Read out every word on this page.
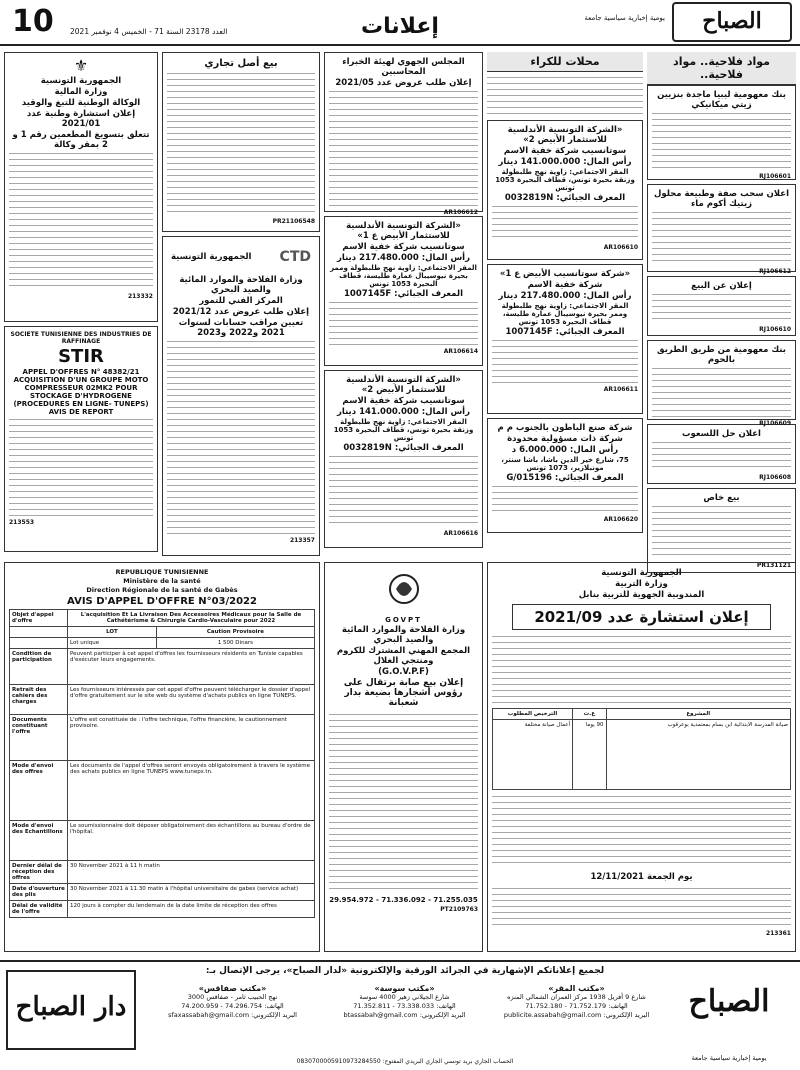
10 العدد 23178 السنة 71 - الخميس 4 نوفمبر 2021	إعلانات	يومية إخبارية سياسية جامعة	الصباح
مواد فلاحية.. مواد فلاحية..
بنك معهومية ليبيا ماجدة بنزيين زيتي ميكانيكي
RJ106601
اعلان سحب صفة وطبيعة محلول زيتيك أكوم ماء
RJ106612
إعلان عن البيع
RJ106610
بنك معهومية من طريق الطريق بالحوم
RJ106609
اعلان حل اللسعوب
RJ106608
بيع خاص
PR131121
محلات للكراء
«الشركة التونسية الأندلسية للاستثمار الأبيض 2»
سوتانسيب شركة خفية الاسم
رأس المال: 141.000.000 دينار
المقر الاجتماعي: زاوية نهج طلبطولة وزنقة بحيرة تونس، قطاف البحيرة 1053 تونس
المعرف الجبائي: 0032819N
AR106610
«شركة سوتانسيب الأبيض ع 1»
شركة خفية الاسم
رأس المال: 217.480.000 دينار
المقر الاجتماعي: زاوية نهج طلبطولة وممر بحيرة نيوسيبال عمارة طليسة، قطاف البحيرة 1053 تونس
المعرف الجبائي: 1007145F
AR106611
شركة صنع الباطون بالجنوب م م
شركة ذات مسؤولية محدودة
رأس المال: 6.000.000 د
75، شارع خير الدين باشا، باشا سنتر، مونبلازير، 1073 تونس
المعرف الجبائي: 015196/G
AR106620
المجلس الجهوي لهيئة الخبراء المحاسبين
إعلان طلب عروض عدد 2021/05
AR106612
«الشركة التونسية الأندلسية للاستثمار الأبيض ع 1»
سوتانسيب شركة خفية الاسم
رأس المال: 217.480.000 دينار
المقر الاجتماعي: زاوية نهج طلبطولة وممر بحيرة نيوسيبال عمارة طليسة، قطاف البحيرة 1053 تونس
المعرف الجبائي: 1007145F
AR106614
«الشركة التونسية الأندلسية للاستثمار الأبيض 2»
سوتانسيب شركة خفية الاسم
رأس المال: 141.000.000 دينار
المقر الاجتماعي: زاوية نهج طلبطولة وزنقة بحيرة تونس، قطاف البحيرة 1053 تونس
المعرف الجبائي: 0032819N
AR106616
بيع أصل تجاري
PR21106548
CTD
الجمهورية التونسية
وزارة الفلاحة والموارد المائية والصيد البحري
المركز الفني للتمور
إعلان طلب عروض عدد 2021/12
تعيين مراقب حسابات لسنوات 2021 و2022 و2023
213357
⚜
الجمهورية التونسية
وزارة المالية
الوكالة الوطنية للتبغ والوقيد
إعلان استشارة وطنية عدد 2021/01
تتعلق بتسويغ المطعمين رقم 1 و 2 بمقر وكالة
213332
SOCIETE TUNISIENNE DES INDUSTRIES DE RAFFINAGE
STIR
APPEL D'OFFRES N° 48382/21 ACQUISITION D'UN GROUPE MOTO COMPRESSEUR 02MK2 POUR STOCKAGE D'HYDROGENE (PROCEDURES EN LIGNE- TUNEPS) AVIS DE REPORT
213553
الجمهورية التونسية
وزارة التربية
المندوبية الجهوية للتربية بنابل
إعلان استشارة عدد 2021/09
المشروع	ع.ت	الترخيص المطلوب
صيانة المدرسة الابتدائية ابن بسام بمعتمدية بوعرقوب	90 يوما	أعمال صيانة مختلفة
يوم الجمعة 12/11/2021
213361
GOVPT
وزارة الفلاحة والموارد المائية والصيد البحري
المجمع المهني المشترك للكروم ومنتجي الغلال
(G.O.V.P.F)
إعلان بيع صابة برتقال على رؤوس أشجارها بضيعة بدار شعبانة
71.255.035 - 71.336.092 - 29.954.972
PT2109763
REPUBLIQUE TUNISIENNE
Ministère de la santé
Direction Régionale de la santé de Gabès
AVIS D'APPEL D'OFFRE N°03/2022
Objet d'appel d'offre	L'acquisition Et La Livraison Des Accessoires Médicaux pour la Salle de Cathétérisme & Chirurgie Cardio-Vasculaire pour 2022	
	LOT	Caution Provisoire
	Lot unique	1 500 Dinars
Condition de participation	Peuvent participer à cet appel d'offres les fournisseurs résidents en Tunisie capables d'exécuter leurs engagements.	
Retrait des cahiers des charges	Les fournisseurs intéressés par cet appel d'offre peuvent télécharger le dossier d'appel d'offre gratuitement sur le site web du système d'achats publics en ligne TUNEPS.	
Documents constituant l'offre	L'offre est constituée de : l'offre technique, l'offre financière, le cautionnement provisoire.	
Mode d'envoi des offres	Les documents de l'appel d'offres seront envoyés obligatoirement à travers le système des achats publics en ligne TUNEPS www.tuneps.tn.	
Mode d'envoi des Echantillons	Le soumissionnaire doit déposer obligatoirement des échantillons au bureau d'ordre de l'hôpital.	
Dernier délai de réception des offres	30 November 2021 à 11 h matin	
Date d'ouverture des plis	30 November 2021 à 11.30 matin à l'hôpital universitaire de gabes (service achat)	
Délai de validité de l'offre	120 jours à compter du lendemain de la date limite de réception des offres	
دار الصباح
لجميع إعلاناتكم الإشهارية في الجرائد الورقية والإلكترونية «لدار الصباح»، يرجى الإتصال بـ:
«مكتب صفاقس»
نهج الحبيب ثامر - صفاقس 3000
الهاتف: 74.296.754 - 74.200.959
البريد الإلكتروني: sfaxassabah@gmail.com
«مكتب سوسة»
شارع الجيلاني زهير 4000 سوسة
الهاتف: 73.338.033 - 71.352.811
البريد الإلكتروني: btassabah@gmail.com
«مكتب المقر»
شارع 9 أفريل 1938 مركز العمران الشمالي المنزه
الهاتف: 71.752.179 - 71.752.180
البريد الإلكتروني: publicite.assabah@gmail.com	الصباح
يومية إخبارية سياسية جامعة
الحساب الجاري بريد تونسي الجاري البريدي المفتوح: 0830700005910973284550
